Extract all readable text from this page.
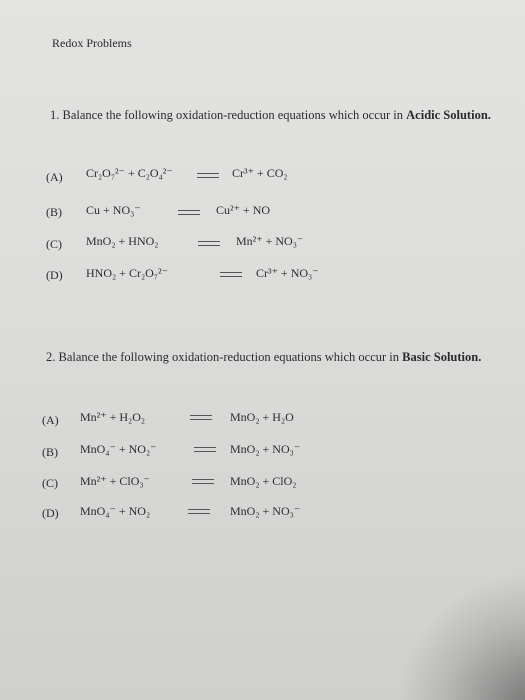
Redox Problems
1. Balance the following oxidation-reduction equations which occur in Acidic Solution.
(A) Cr₂O₇²⁻ + C₂O₄²⁻	Cr³⁺ + CO₂
(B) Cu + NO₃⁻	Cu²⁺ + NO
(C) MnO₂ + HNO₂	Mn²⁺ + NO₃⁻
(D) HNO₂ + Cr₂O₇²⁻	Cr³⁺ + NO₃⁻
2. Balance the following oxidation-reduction equations which occur in Basic Solution.
(A) Mn²⁺ + H₂O₂	MnO₂ + H₂O
(B) MnO₄⁻ + NO₂⁻	MnO₂ + NO₃⁻
(C) Mn²⁺ + ClO₃⁻	MnO₂ + ClO₂
(D) MnO₄⁻ + NO₂	MnO₂ + NO₃⁻
